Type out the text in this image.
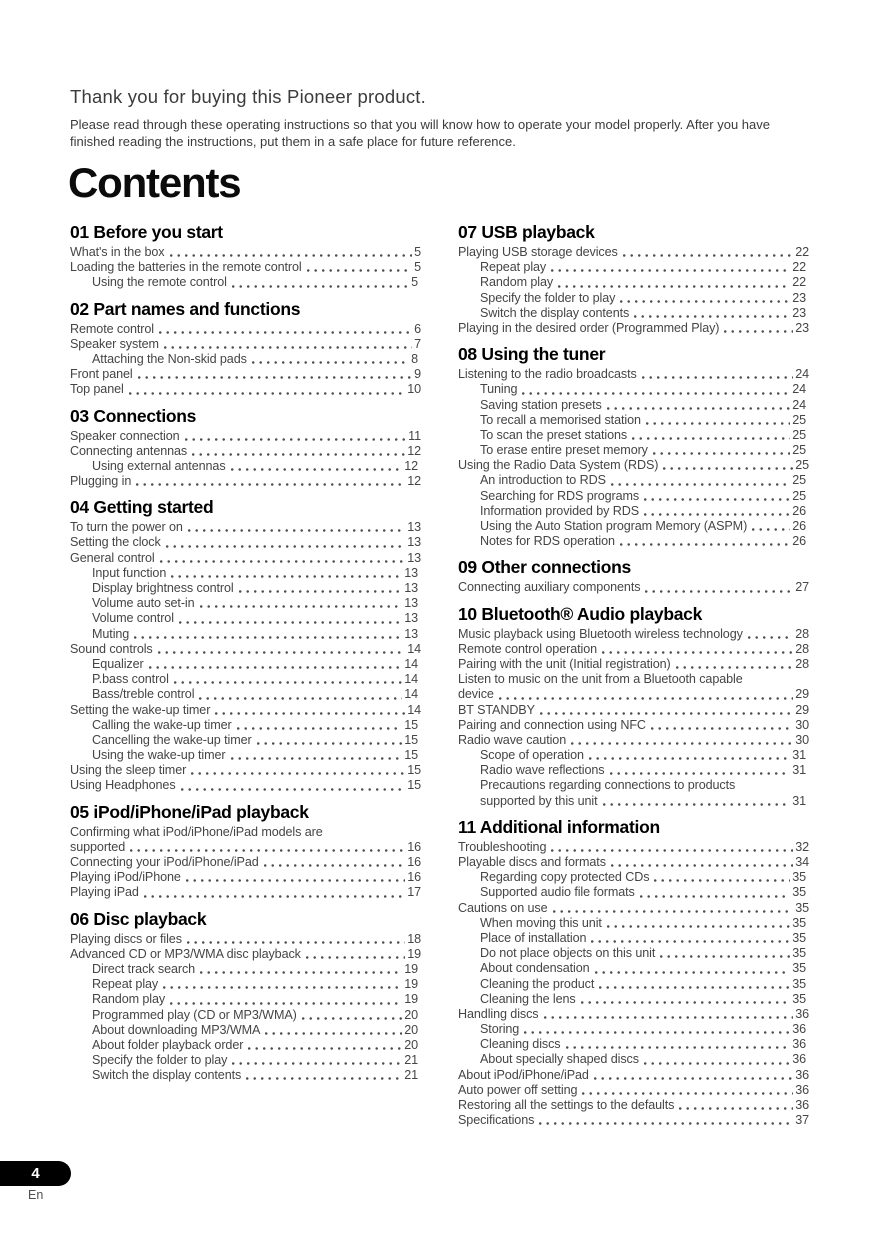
Thank you for buying this Pioneer product.

Please read through these operating instructions so that you will know how to operate your model properly. After you have finished reading the instructions, put them in a safe place for future reference.

Contents
01 Before you start
What's in the box	5
Loading the batteries in the remote control	5
Using the remote control	5
02 Part names and functions
Remote control	6
Speaker system	7
Attaching the Non-skid pads	8
Front panel	9
Top panel	10
03 Connections
Speaker connection	11
Connecting antennas	12
Using external antennas	12
Plugging in	12
04 Getting started
To turn the power on	13
Setting the clock	13
General control	13
Input function	13
Display brightness control	13
Volume auto set-in	13
Volume control	13
Muting	13
Sound controls	14
Equalizer	14
P.bass control	14
Bass/treble control	14
Setting the wake-up timer	14
Calling the wake-up timer	15
Cancelling the wake-up timer	15
Using the wake-up timer	15
Using the sleep timer	15
Using Headphones	15
05 iPod/iPhone/iPad playback
Confirming what iPod/iPhone/iPad models are
supported	16
Connecting your iPod/iPhone/iPad	16
Playing iPod/iPhone	16
Playing iPad	17
06 Disc playback
Playing discs or files	18
Advanced CD or MP3/WMA disc playback	19
Direct track search	19
Repeat play	19
Random play	19
Programmed play (CD or MP3/WMA)	20
About downloading MP3/WMA	20
About folder playback order	20
Specify the folder to play	21
Switch the display contents	21
07 USB playback
Playing USB storage devices	22
Repeat play	22
Random play	22
Specify the folder to play	23
Switch the display contents	23
Playing in the desired order (Programmed Play)	23
08 Using the tuner
Listening to the radio broadcasts	24
Tuning	24
Saving station presets	24
To recall a memorised station	25
To scan the preset stations	25
To erase entire preset memory	25
Using the Radio Data System (RDS)	25
An introduction to RDS	25
Searching for RDS programs	25
Information provided by RDS	26
Using the Auto Station program Memory (ASPM)	26
Notes for RDS operation	26
09 Other connections
Connecting auxiliary components	27
10 Bluetooth® Audio playback
Music playback using Bluetooth wireless technology	28
Remote control operation	28
Pairing with the unit (Initial registration)	28
Listen to music on the unit from a Bluetooth capable
device	29
BT STANDBY	29
Pairing and connection using NFC	30
Radio wave caution	30
Scope of operation	31
Radio wave reflections	31
Precautions regarding connections to products
supported by this unit	31
11 Additional information
Troubleshooting	32
Playable discs and formats	34
Regarding copy protected CDs	35
Supported audio file formats	35
Cautions on use	35
When moving this unit	35
Place of installation	35
Do not place objects on this unit	35
About condensation	35
Cleaning the product	35
Cleaning the lens	35
Handling discs	36
Storing	36
Cleaning discs	36
About specially shaped discs	36
About iPod/iPhone/iPad	36
Auto power off setting	36
Restoring all the settings to the defaults	36
Specifications	37
4
En
